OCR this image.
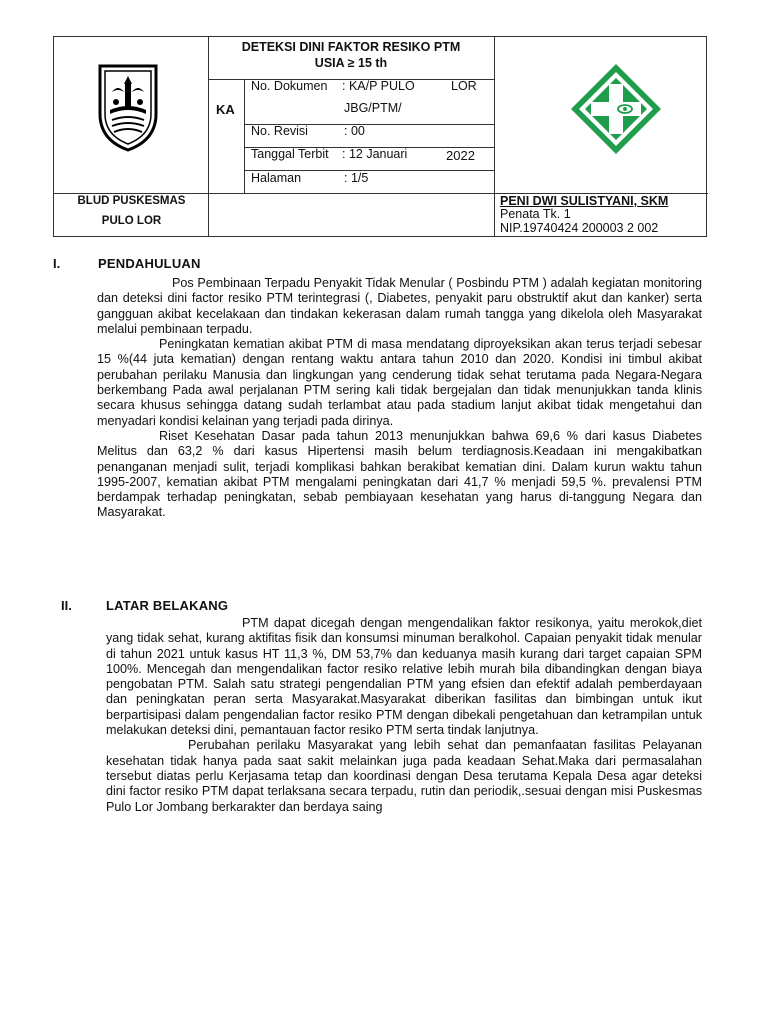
DETEKSI DINI FAKTOR RESIKO PTM
USIA ≥ 15 th
KA
No. Dokumen : KA/P PULO	LOR
JBG/PTM/
No. Revisi	: 00
Tanggal Terbit : 12 Januari	2022
Halaman	: 1/5
BLUD PUSKESMAS
PULO LOR
PENI DWI SULISTYANI, SKM
Penata Tk. 1
NIP.19740424 200003 2 002
I.	PENDAHULUAN

Pos Pembinaan Terpadu Penyakit Tidak Menular ( Posbindu PTM ) adalah kegiatan monitoring dan deteksi dini factor resiko PTM terintegrasi (, Diabetes, penyakit paru obstruktif akut dan kanker) serta gangguan akibat kecelakaan dan tindakan kekerasan dalam rumah tangga yang dikelola oleh Masyarakat melalui pembinaan terpadu.

Peningkatan kematian akibat PTM di masa mendatang diproyeksikan akan terus terjadi sebesar 15 %(44 juta kematian) dengan rentang waktu antara tahun 2010 dan 2020. Kondisi ini timbul akibat perubahan perilaku Manusia dan lingkungan yang cenderung tidak sehat terutama pada Negara-Negara berkembang Pada awal perjalanan PTM sering kali tidak bergejalan dan tidak menunjukkan tanda klinis secara khusus sehingga datang sudah terlambat atau pada stadium lanjut akibat tidak mengetahui dan menyadari kondisi kelainan yang terjadi pada dirinya.

Riset Kesehatan Dasar pada tahun 2013 menunjukkan bahwa 69,6 % dari kasus Diabetes Melitus dan 63,2 % dari kasus Hipertensi masih belum terdiagnosis.Keadaan ini mengakibatkan penanganan menjadi sulit, terjadi komplikasi bahkan berakibat kematian dini. Dalam kurun waktu tahun 1995-2007, kematian akibat PTM mengalami peningkatan dari 41,7 % menjadi 59,5 %. prevalensi PTM berdampak terhadap peningkatan, sebab pembiayaan kesehatan yang harus di-tanggung Negara dan Masyarakat.

II.	LATAR BELAKANG

PTM dapat dicegah dengan mengendalikan faktor resikonya, yaitu merokok,diet yang tidak sehat, kurang aktifitas fisik dan konsumsi minuman beralkohol. Capaian penyakit tidak menular di tahun 2021 untuk kasus HT 11,3 %, DM 53,7% dan keduanya masih kurang dari target capaian SPM 100%. Mencegah dan mengendalikan factor resiko relative lebih murah bila dibandingkan dengan biaya pengobatan PTM. Salah satu strategi pengendalian PTM yang efsien dan efektif adalah pemberdayaan dan peningkatan peran serta Masyarakat.Masyarakat diberikan fasilitas dan bimbingan untuk ikut berpartisipasi dalam pengendalian factor resiko PTM dengan dibekali pengetahuan dan ketrampilan untuk melakukan deteksi dini, pemantauan factor resiko PTM serta tindak lanjutnya.

Perubahan perilaku Masyarakat yang lebih sehat dan pemanfaatan fasilitas Pelayanan kesehatan tidak hanya pada saat sakit melainkan juga pada keadaan Sehat.Maka dari permasalahan tersebut diatas perlu Kerjasama tetap dan koordinasi dengan Desa terutama Kepala Desa agar deteksi dini factor resiko PTM dapat terlaksana secara terpadu, rutin dan periodik,.sesuai dengan misi Puskesmas Pulo Lor Jombang berkarakter dan berdaya saing
